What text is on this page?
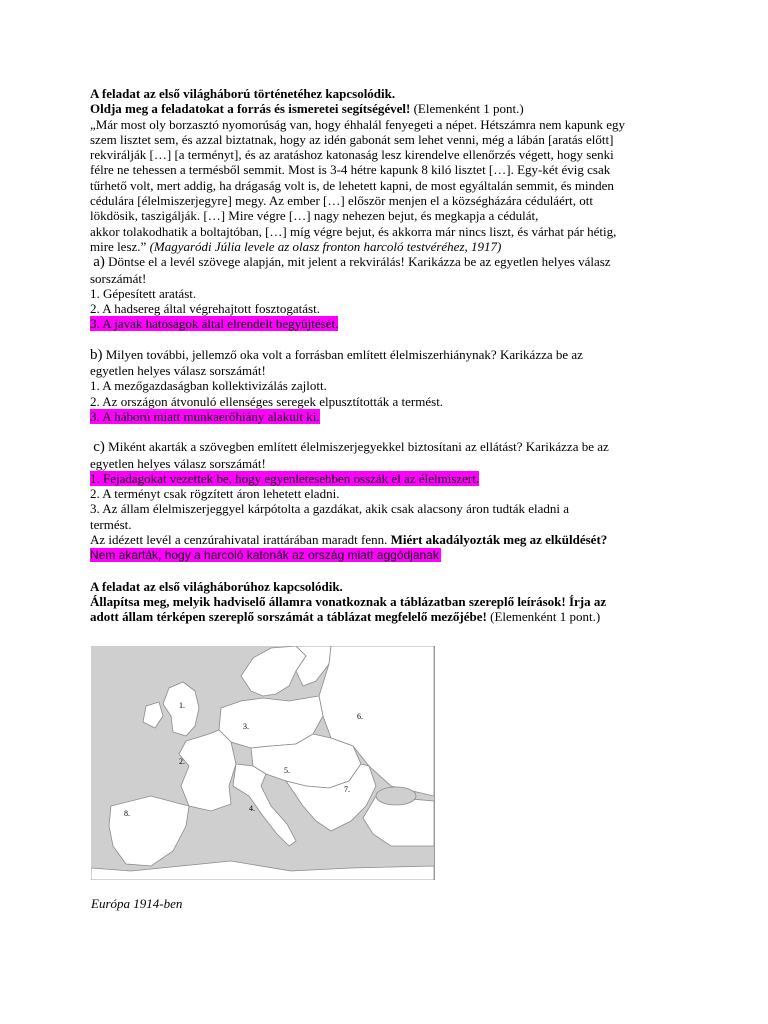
A feladat az első világháború történetéhez kapcsolódik.
Oldja meg a feladatokat a forrás és ismeretei segítségével! (Elemenként 1 pont.)
„Már most oly borzasztó nyomorúság van, hogy éhhalál fenyegeti a népet. Hétszámra nem kapunk egy
szem lisztet sem, és azzal biztatnak, hogy az idén gabonát sem lehet venni, még a lábán [aratás előtt]
rekvirálják […] [a terményt], és az aratáshoz katonaság lesz kirendelve ellenőrzés végett, hogy senki
félre ne tehessen a termésből semmit. Most is 3-4 hétre kapunk 8 kiló lisztet […]. Egy-két évig csak
tűrhető volt, mert addig, ha drágaság volt is, de lehetett kapni, de most egyáltalán semmit, és minden
cédulára [élelmiszerjegyre] megy. Az ember […] először menjen el a községházára céduláért, ott
lökdösik, taszigálják. […] Mire végre […] nagy nehezen bejut, és megkapja a cédulát,
akkor tolakodhatik a boltajtóban, […] míg végre bejut, és akkorra már nincs liszt, és várhat pár hétig,
mire lesz.” (Magyaródi Júlia levele az olasz fronton harcoló testvéréhez, 1917)
a) Döntse el a levél szövege alapján, mit jelent a rekvirálás! Karikázza be az egyetlen helyes válasz
sorszámát!
1. Gépesített aratást.
2. A hadsereg által végrehajtott fosztogatást.
3. A javak hatóságok által elrendelt begyűjtését.
b) Milyen további, jellemző oka volt a forrásban említett élelmiszerhiánynak? Karikázza be az
egyetlen helyes válasz sorszámát!
1. A mezőgazdaságban kollektivizálás zajlott.
2. Az országon átvonuló ellenséges seregek elpusztították a termést.
3. A háború miatt munkaerőhiány alakult ki.
c) Miként akarták a szövegben említett élelmiszerjegyekkel biztosítani az ellátást? Karikázza be az
egyetlen helyes válasz sorszámát!
1. Fejadagokat vezettek be, hogy egyenletesebben osszák el az élelmiszert.
2. A terményt csak rögzített áron lehetett eladni.
3. Az állam élelmiszerjeggyel kárpótolta a gazdákat, akik csak alacsony áron tudták eladni a
termést.
Az idézett levél a cenzúrahivatal irattárában maradt fenn. Miért akadályozták meg az elküldését?
Nem akarták, hogy a harcoló katonák az ország miatt aggódjanak
A feladat az első világháborúhoz kapcsolódik.
Állapítsa meg, melyik hadviselő államra vonatkoznak a táblázatban szereplő leírások! Írja az
adott állam térképen szereplő sorszámát a táblázat megfelelő mezőjébe! (Elemenként 1 pont.)
1.
2.
3.
4.
5.
6.
7.
8.
Európa 1914-ben
